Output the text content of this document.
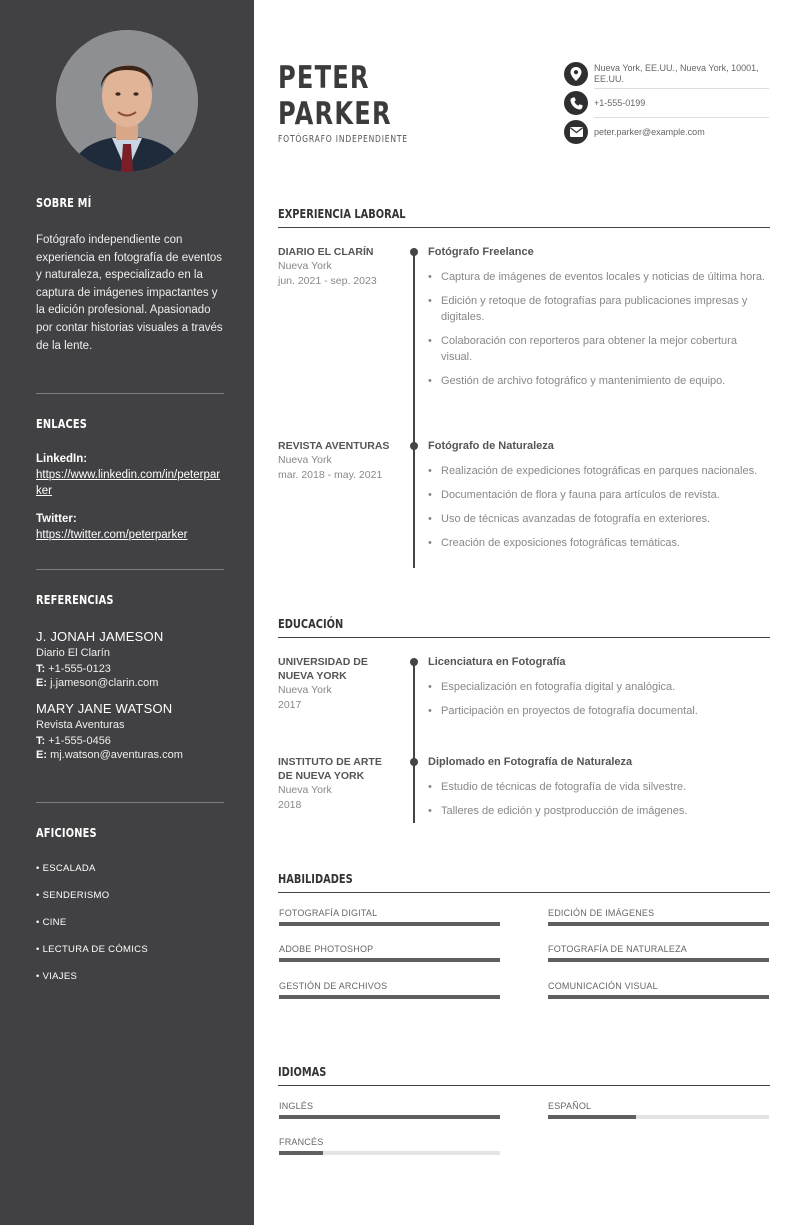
SOBRE MÍ
Fotógrafo independiente con experiencia en fotografía de eventos y naturaleza, especializado en la captura de imágenes impactantes y la edición profesional. Apasionado por contar historias visuales a través de la lente.
ENLACES
LinkedIn:
https://www.linkedin.com/in/peterparker
Twitter:
https://twitter.com/peterparker
REFERENCIAS
J. JONAH JAMESON
Diario El Clarín
T: +1-555-0123
E: j.jameson@clarin.com
MARY JANE WATSON
Revista Aventuras
T: +1-555-0456
E: mj.watson@aventuras.com
AFICIONES
• ESCALADA
• SENDERISMO
• CINE
• LECTURA DE CÓMICS
• VIAJES
PETER
PARKER
FOTÓGRAFO INDEPENDIENTE
Nueva York, EE.UU., Nueva York, 10001, EE.UU.
+1-555-0199
peter.parker@example.com
EXPERIENCIA LABORAL
DIARIO EL CLARÍN
Nueva York
jun. 2021 - sep. 2023
Fotógrafo Freelance
• Captura de imágenes de eventos locales y noticias de última hora.
• Edición y retoque de fotografías para publicaciones impresas y digitales.
• Colaboración con reporteros para obtener la mejor cobertura visual.
• Gestión de archivo fotográfico y mantenimiento de equipo.
REVISTA AVENTURAS
Nueva York
mar. 2018 - may. 2021
Fotógrafo de Naturaleza
• Realización de expediciones fotográficas en parques nacionales.
• Documentación de flora y fauna para artículos de revista.
• Uso de técnicas avanzadas de fotografía en exteriores.
• Creación de exposiciones fotográficas temáticas.
EDUCACIÓN
UNIVERSIDAD DE NUEVA YORK
Nueva York
2017
Licenciatura en Fotografía
• Especialización en fotografía digital y analógica.
• Participación en proyectos de fotografía documental.
INSTITUTO DE ARTE DE NUEVA YORK
Nueva York
2018
Diplomado en Fotografía de Naturaleza
• Estudio de técnicas de fotografía de vida silvestre.
• Talleres de edición y postproducción de imágenes.
HABILIDADES
FOTOGRAFÍA DIGITAL	EDICIÓN DE IMÁGENES
ADOBE PHOTOSHOP	FOTOGRAFÍA DE NATURALEZA
GESTIÓN DE ARCHIVOS	COMUNICACIÓN VISUAL
IDIOMAS
INGLÉS	ESPAÑOL
FRANCÉS
